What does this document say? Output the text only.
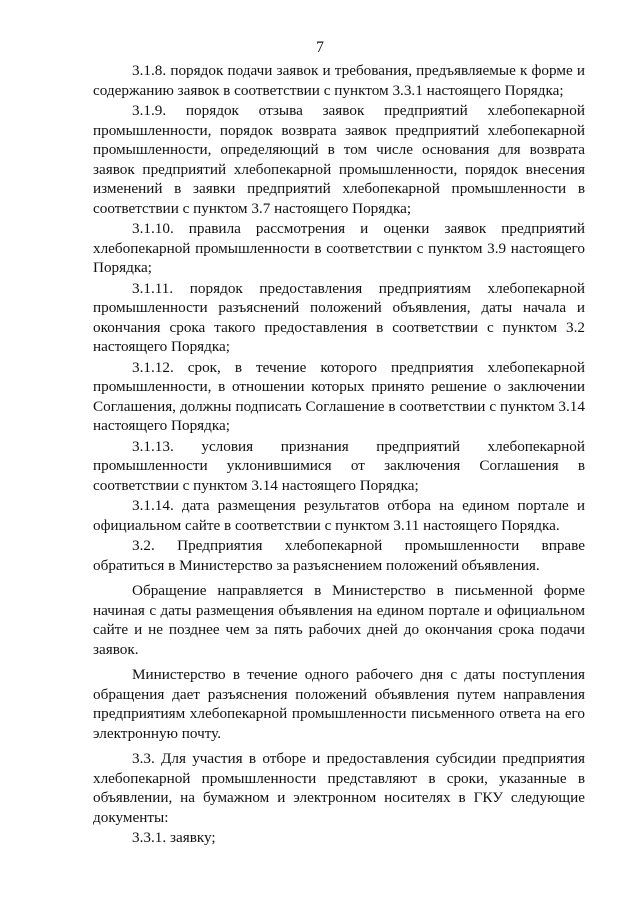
7

3.1.8. порядок подачи заявок и требования, предъявляемые к форме и содержанию заявок в соответствии с пунктом 3.3.1 настоящего Порядка;

3.1.9. порядок отзыва заявок предприятий хлебопекарной промышленности, порядок возврата заявок предприятий хлебопекарной промышленности, определяющий в том числе основания для возврата заявок предприятий хлебопекарной промышленности, порядок внесения изменений в заявки предприятий хлебопекарной промышленности в соответствии с пунктом 3.7 настоящего Порядка;

3.1.10. правила рассмотрения и оценки заявок предприятий хлебопекарной промышленности в соответствии с пунктом 3.9 настоящего Порядка;

3.1.11. порядок предоставления предприятиям хлебопекарной промышленности разъяснений положений объявления, даты начала и окончания срока такого предоставления в соответствии с пунктом 3.2 настоящего Порядка;

3.1.12. срок, в течение которого предприятия хлебопекарной промышленности, в отношении которых принято решение о заключении Соглашения, должны подписать Соглашение в соответствии с пунктом 3.14 настоящего Порядка;

3.1.13. условия признания предприятий хлебопекарной промышленности уклонившимися от заключения Соглашения в соответствии с пунктом 3.14 настоящего Порядка;

3.1.14. дата размещения результатов отбора на едином портале и официальном сайте в соответствии с пунктом 3.11 настоящего Порядка.

3.2. Предприятия хлебопекарной промышленности вправе обратиться в Министерство за разъяснением положений объявления.

Обращение направляется в Министерство в письменной форме начиная с даты размещения объявления на едином портале и официальном сайте и не позднее чем за пять рабочих дней до окончания срока подачи заявок.

Министерство в течение одного рабочего дня с даты поступления обращения дает разъяснения положений объявления путем направления предприятиям хлебопекарной промышленности письменного ответа на его электронную почту.

3.3. Для участия в отборе и предоставления субсидии предприятия хлебопекарной промышленности представляют в сроки, указанные в объявлении, на бумажном и электронном носителях в ГКУ следующие документы:

3.3.1. заявку;
